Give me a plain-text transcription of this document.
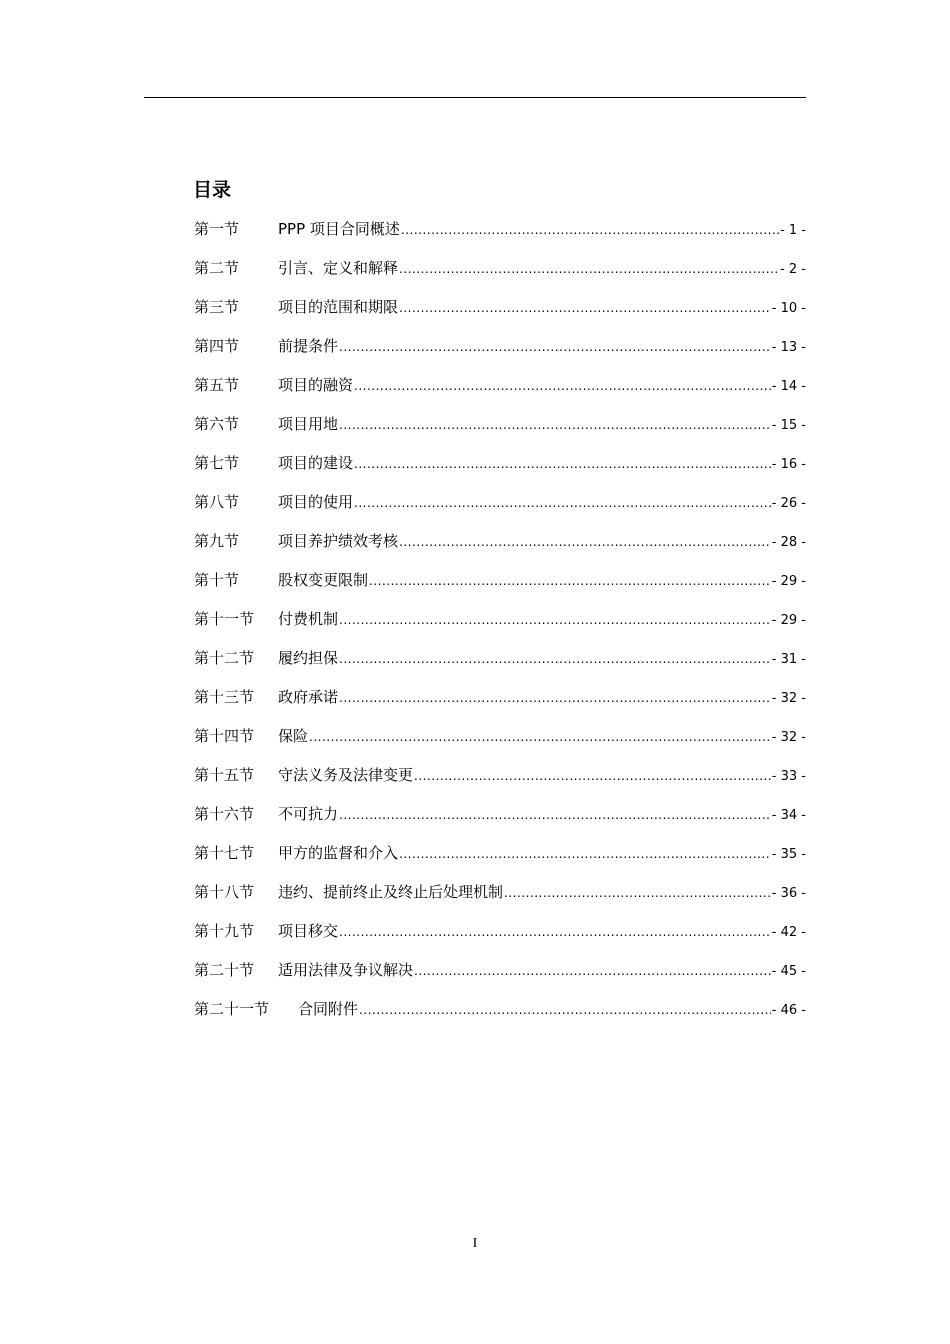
目录
第一节	PPP 项目合同概述 .....	- 1 -
第二节	引言、定义和解释 .....	- 2 -
第三节	项目的范围和期限 .....	- 10 -
第四节	前提条件 .....	- 13 -
第五节	项目的融资 .....	- 14 -
第六节	项目用地 .....	- 15 -
第七节	项目的建设 .....	- 16 -
第八节	项目的使用 .....	- 26 -
第九节	项目养护绩效考核 .....	- 28 -
第十节	股权变更限制 .....	- 29 -
第十一节	付费机制 .....	- 29 -
第十二节	履约担保 .....	- 31 -
第十三节	政府承诺 .....	- 32 -
第十四节	保险 .....	- 32 -
第十五节	守法义务及法律变更 .....	- 33 -
第十六节	不可抗力 .....	- 34 -
第十七节	甲方的监督和介入 .....	- 35 -
第十八节	违约、提前终止及终止后处理机制 .....	- 36 -
第十九节	项目移交 .....	- 42 -
第二十节	适用法律及争议解决 .....	- 45 -
第二十一节	合同附件 .....	- 46 -
I
